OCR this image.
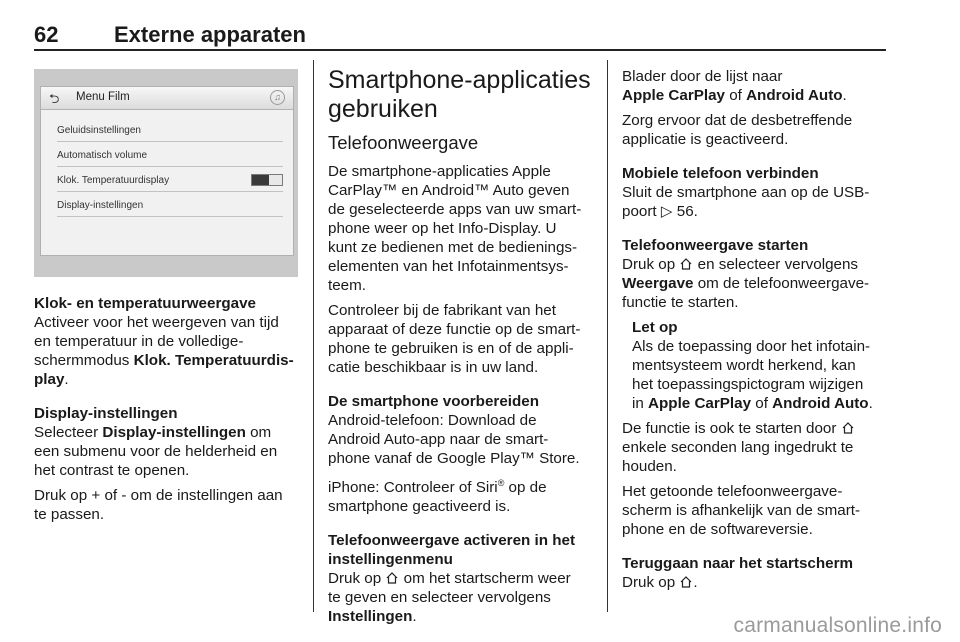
62	Externe apparaten
⮌ Menu Film	♫
Geluidsinstellingen
Automatisch volume
Klok. Temperatuurdisplay
Display-instellingen

Klok- en temperatuurweergave

Activeer voor het weergeven van tijd

en temperatuur in de volledige-

schermmodus Klok. Temperatuurdis-

play.

Display-instellingen

Selecteer Display-instellingen om

een submenu voor de helderheid en

het contrast te openen.

Druk op + of - om de instellingen aan

te passen.

Smartphone-applicaties

gebruiken

Telefoonweergave

De smartphone-applicaties Apple

CarPlay™ en Android™ Auto geven

de geselecteerde apps van uw smart-

phone weer op het Info-Display. U

kunt ze bedienen met de bedienings-

elementen van het Infotainmentsys-

teem.

Controleer bij de fabrikant van het

apparaat of deze functie op de smart-

phone te gebruiken is en of de appli-

catie beschikbaar is in uw land.

De smartphone voorbereiden

Android-telefoon: Download de

Android Auto-app naar de smart-

phone vanaf de Google Play™ Store.

iPhone: Controleer of Siri® op de

smartphone geactiveerd is.

Telefoonweergave activeren in het

instellingenmenu

Druk op  om het startscherm weer

te geven en selecteer vervolgens

Instellingen.

Blader door de lijst naar

Apple CarPlay of Android Auto.

Zorg ervoor dat de desbetreffende

applicatie is geactiveerd.

Mobiele telefoon verbinden

Sluit de smartphone aan op de USB-

poort ▷ 56.

Telefoonweergave starten

Druk op  en selecteer vervolgens

Weergave om de telefoonweergave-

functie te starten.

Let op

Als de toepassing door het infotain-

mentsysteem wordt herkend, kan

het toepassingspictogram wijzigen

in Apple CarPlay of Android Auto.

De functie is ook te starten door

enkele seconden lang ingedrukt te

houden.

Het getoonde telefoonweergave-

scherm is afhankelijk van de smart-

phone en de softwareversie.

Teruggaan naar het startscherm

Druk op .

carmanualsonline.info
